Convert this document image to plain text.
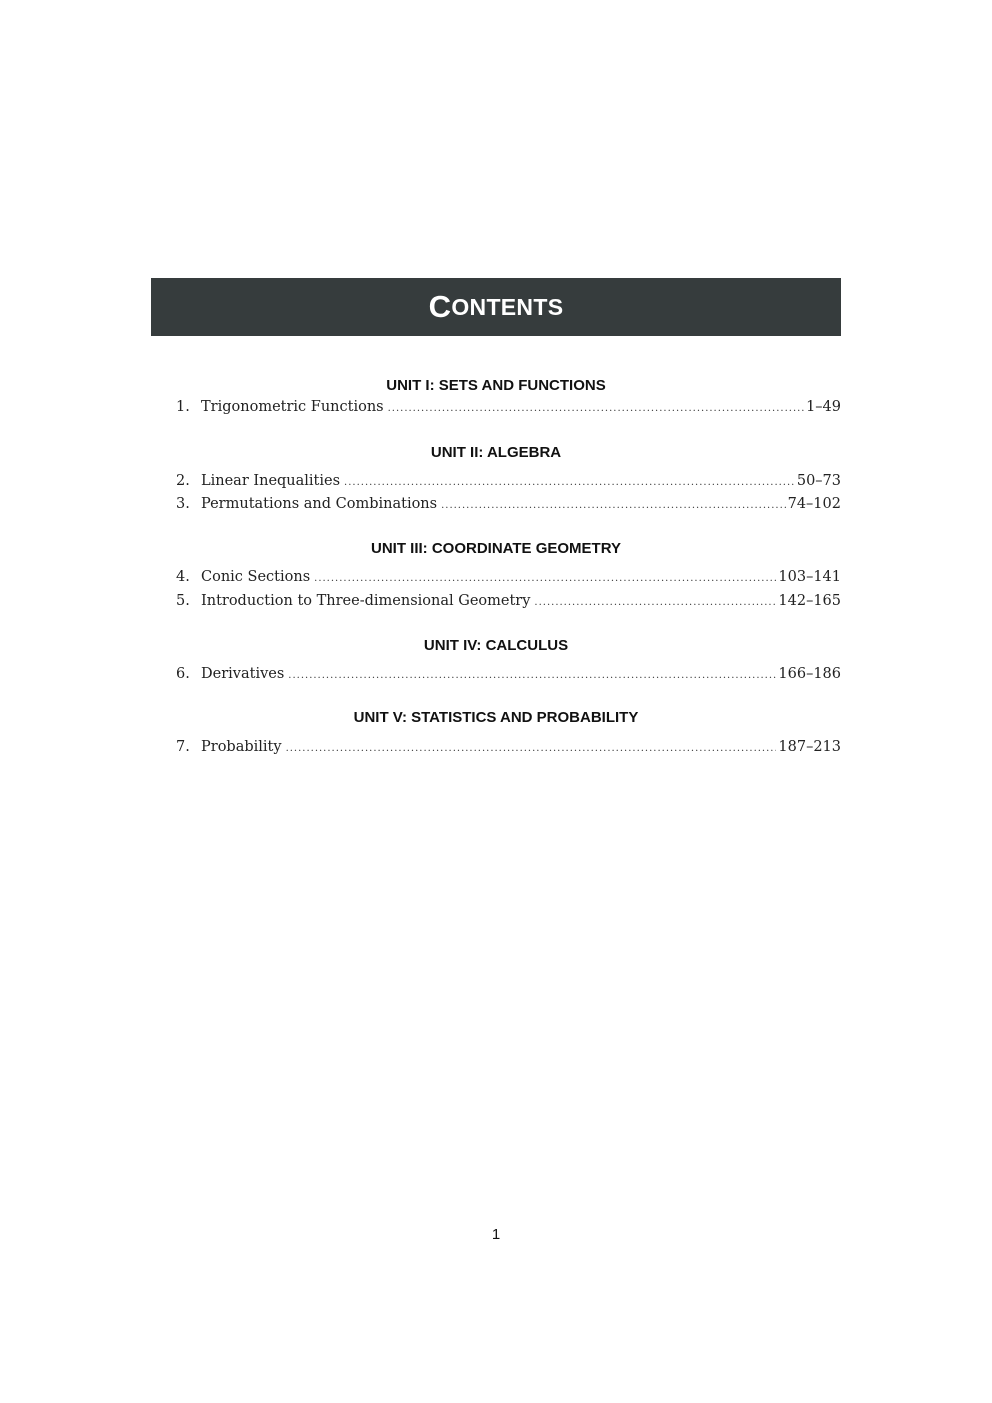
C ONTENTS
UNIT I: SETS AND FUNCTIONS
1. Trigonometric Functions .....	1–49
UNIT II: ALGEBRA
2. Linear Inequalities .....	50–73
3. Permutations and Combinations .....	74–102
UNIT III: COORDINATE GEOMETRY
4. Conic Sections .....	103–141
5. Introduction to Three-dimensional Geometry .....	142–165
UNIT IV: CALCULUS
6. Derivatives .....	166–186
UNIT V: STATISTICS AND PROBABILITY
7. Probability .....	187–213
1
